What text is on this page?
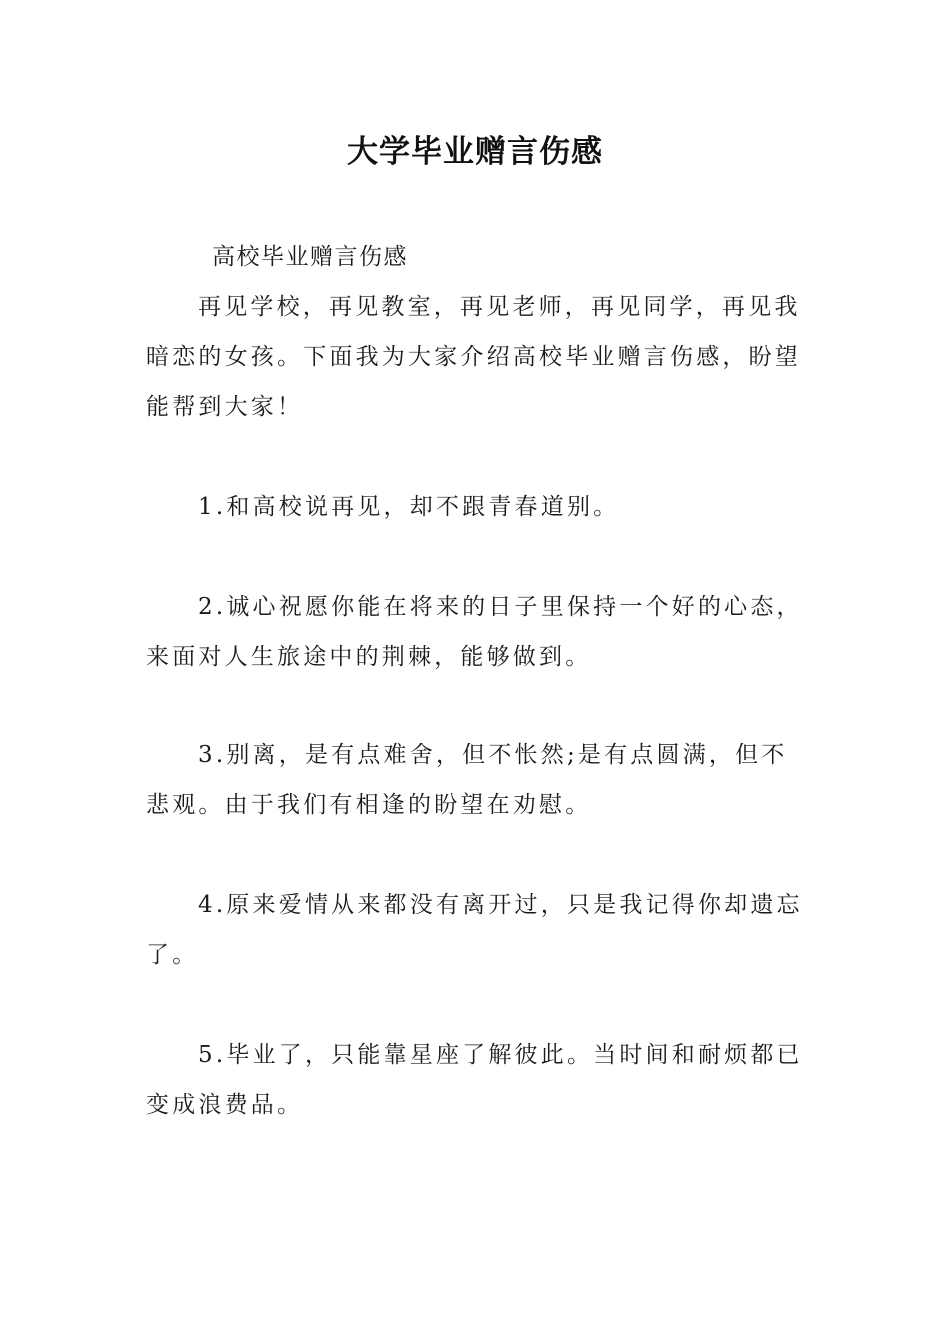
大学毕业赠言伤感

高校毕业赠言伤感

再见学校，再见教室，再见老师，再见同学，再见我暗恋的女孩。下面我为大家介绍高校毕业赠言伤感，盼望能帮到大家！

1.和高校说再见，却不跟青春道别。

2.诚心祝愿你能在将来的日子里保持一个好的心态，来面对人生旅途中的荆棘，能够做到。

3.别离，是有点难舍，但不怅然;是有点圆满，但不悲观。由于我们有相逢的盼望在劝慰。

4.原来爱情从来都没有离开过，只是我记得你却遗忘了。

5.毕业了，只能靠星座了解彼此。当时间和耐烦都已变成浪费品。
